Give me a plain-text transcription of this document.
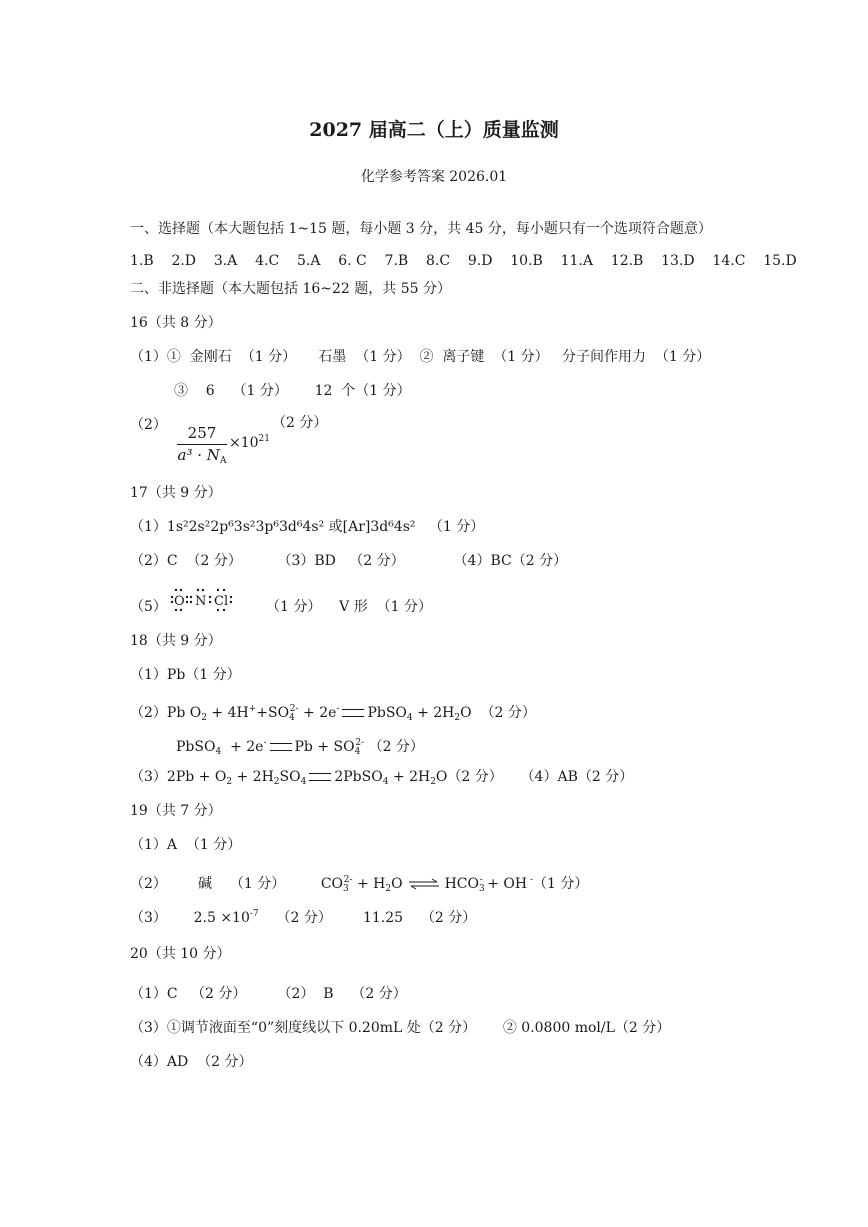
2027 届高二（上）质量监测
化学参考答案 2026.01
一、选择题（本大题包括 1~15 题，每小题 3 分，共 45 分，每小题只有一个选项符合题意）
1.B    2.D    3.A    4.C    5.A    6. C    7.B    8.C    9.D    10.B    11.A    12.B    13.D    14.C    15.D
二、非选择题（本大题包括 16~22 题，共 55 分）
16（共 8 分）
（1）①  金刚石  （1 分）     石墨  （1 分）  ②  离子键  （1 分）   分子间作用力  （1 分）
③    6    （1 分）      12  个（1 分）
$(2) \frac{257}{a^3 \cdot N_A} \times 10^{21}$
（2 分）
17（共 9 分）
（1）1s²2s²2p⁶3s²3p⁶3d⁶4s² 或[Ar]3d⁶4s²   （1 分）
（2）C  （2 分）        （3）BD   （2 分）           （4）BC（2 分）
（5） O N Cl	（1 分）    V 形  （1 分）
18（共 9 分）
（1）Pb（1 分）
（2）Pb $O_2 + 4H^++SO_4^{2-} + 2e^-$ PbSO$_4$ + $2H_2O$  （2 分）
PbSO$_4$  + 2e- $Pb + SO_4^{2-}$ （2 分）
$(3)2Pb + O_2 + 2H_2SO_4$ 2PbSO$_4$ + $2H_2O(2$ 分）    （4）AB（2 分）
19（共 7 分）
（1）A  （1 分）
（2）       碱    （1 分）        $CO_3^{2-} + H_2O$ ⇌ $HCO_3^-$ + OH -（1 分）
（3）      $2.5 \times 10^{-7}$    （2 分）       11.25    （2 分）
20（共 10 分）
（1）C   （2 分）       （2）  B    （2 分）
（3）①调节液面至“0”刻度线以下 0.20mL 处（2 分）      ② 0.0800 mol/L（2 分）
（4）AD  （2 分）
